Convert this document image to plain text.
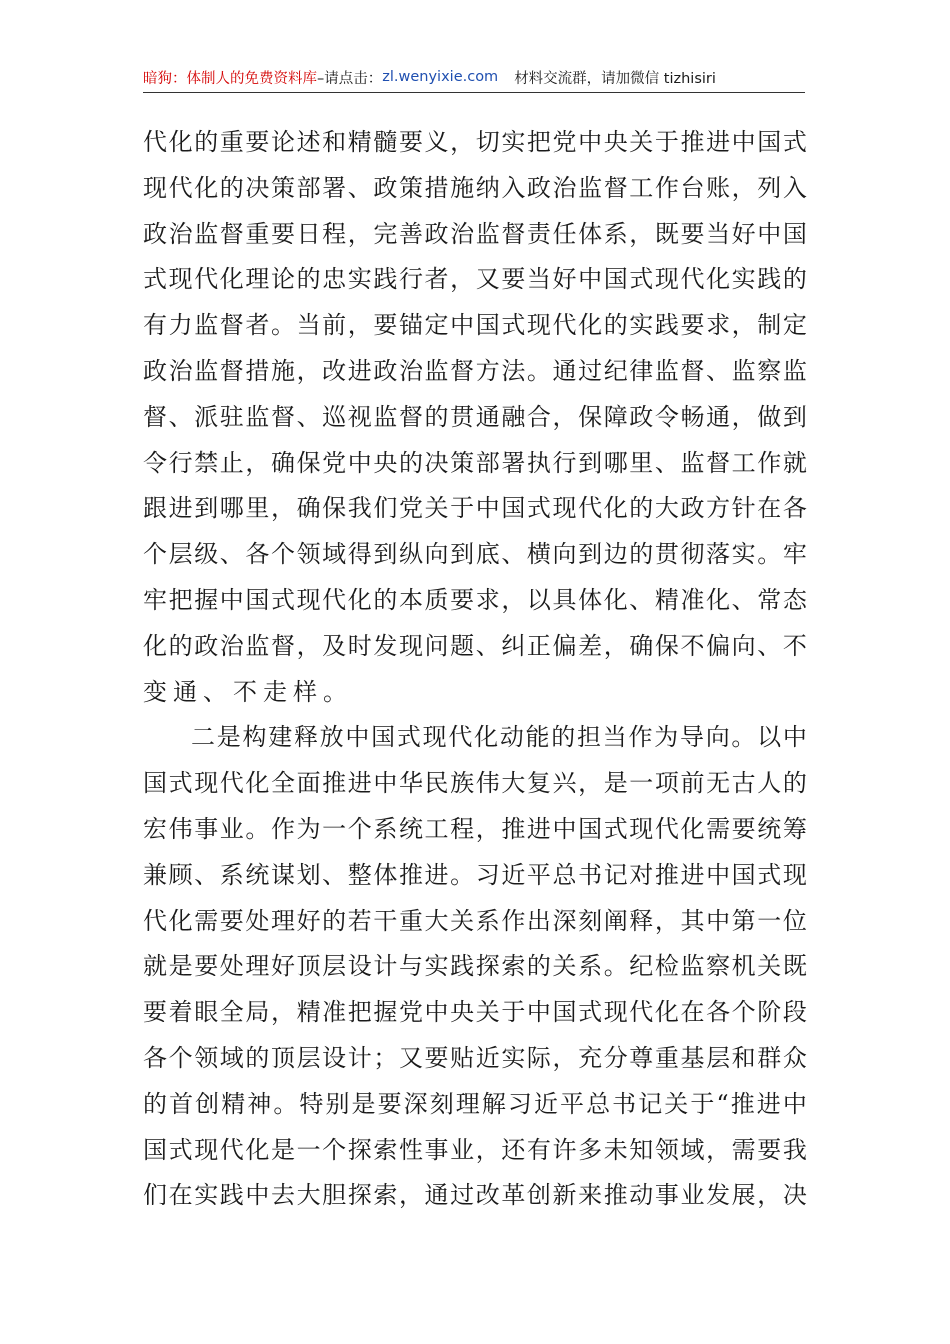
暗狗：体制人的免费资料库 –请点击： zl.wenyixie.com 材料交流群，请加微信 tizhisiri
代 化 的 重 要 论 述 和 精 髓 要 义 ， 切 实 把 党 中 央 关 于 推 进 中 国 式
现 代 化 的 决 策 部 署 、 政 策 措 施 纳 入 政 治 监 督 工 作 台 账 ， 列 入
政 治 监 督 重 要 日 程 ， 完 善 政 治 监 督 责 任 体 系 ， 既 要 当 好 中 国
式 现 代 化 理 论 的 忠 实 践 行 者 ， 又 要 当 好 中 国 式 现 代 化 实 践 的
有 力 监 督 者 。 当 前 ， 要 锚 定 中 国 式 现 代 化 的 实 践 要 求 ， 制 定
政 治 监 督 措 施 ， 改 进 政 治 监 督 方 法 。 通 过 纪 律 监 督 、 监 察 监
督 、 派 驻 监 督 、 巡 视 监 督 的 贯 通 融 合 ， 保 障 政 令 畅 通 ， 做 到
令 行 禁 止 ， 确 保 党 中 央 的 决 策 部 署 执 行 到 哪 里 、 监 督 工 作 就
跟 进 到 哪 里 ， 确 保 我 们 党 关 于 中 国 式 现 代 化 的 大 政 方 针 在 各
个 层 级 、 各 个 领 域 得 到 纵 向 到 底 、 横 向 到 边 的 贯 彻 落 实 。 牢
牢 把 握 中 国 式 现 代 化 的 本 质 要 求 ， 以 具 体 化 、 精 准 化 、 常 态
化 的 政 治 监 督 ， 及 时 发 现 问 题 、 纠 正 偏 差 ， 确 保 不 偏 向 、 不
变通、不走样。
二 是 构 建 释 放 中 国 式 现 代 化 动 能 的 担 当 作 为 导 向 。 以 中
国 式 现 代 化 全 面 推 进 中 华 民 族 伟 大 复 兴 ， 是 一 项 前 无 古 人 的
宏 伟 事 业 。 作 为 一 个 系 统 工 程 ， 推 进 中 国 式 现 代 化 需 要 统 筹
兼 顾 、 系 统 谋 划 、 整 体 推 进 。 习 近 平 总 书 记 对 推 进 中 国 式 现
代 化 需 要 处 理 好 的 若 干 重 大 关 系 作 出 深 刻 阐 释 ， 其 中 第 一 位
就 是 要 处 理 好 顶 层 设 计 与 实 践 探 索 的 关 系 。 纪 检 监 察 机 关 既
要 着 眼 全 局 ， 精 准 把 握 党 中 央 关 于 中 国 式 现 代 化 在 各 个 阶 段
各 个 领 域 的 顶 层 设 计 ； 又 要 贴 近 实 际 ， 充 分 尊 重 基 层 和 群 众
的 首 创 精 神 。 特 别 是 要 深 刻 理 解 习 近 平 总 书 记 关 于 “ 推 进 中
国 式 现 代 化 是 一 个 探 索 性 事 业 ， 还 有 许 多 未 知 领 域 ， 需 要 我
们 在 实 践 中 去 大 胆 探 索 ， 通 过 改 革 创 新 来 推 动 事 业 发 展 ， 决
